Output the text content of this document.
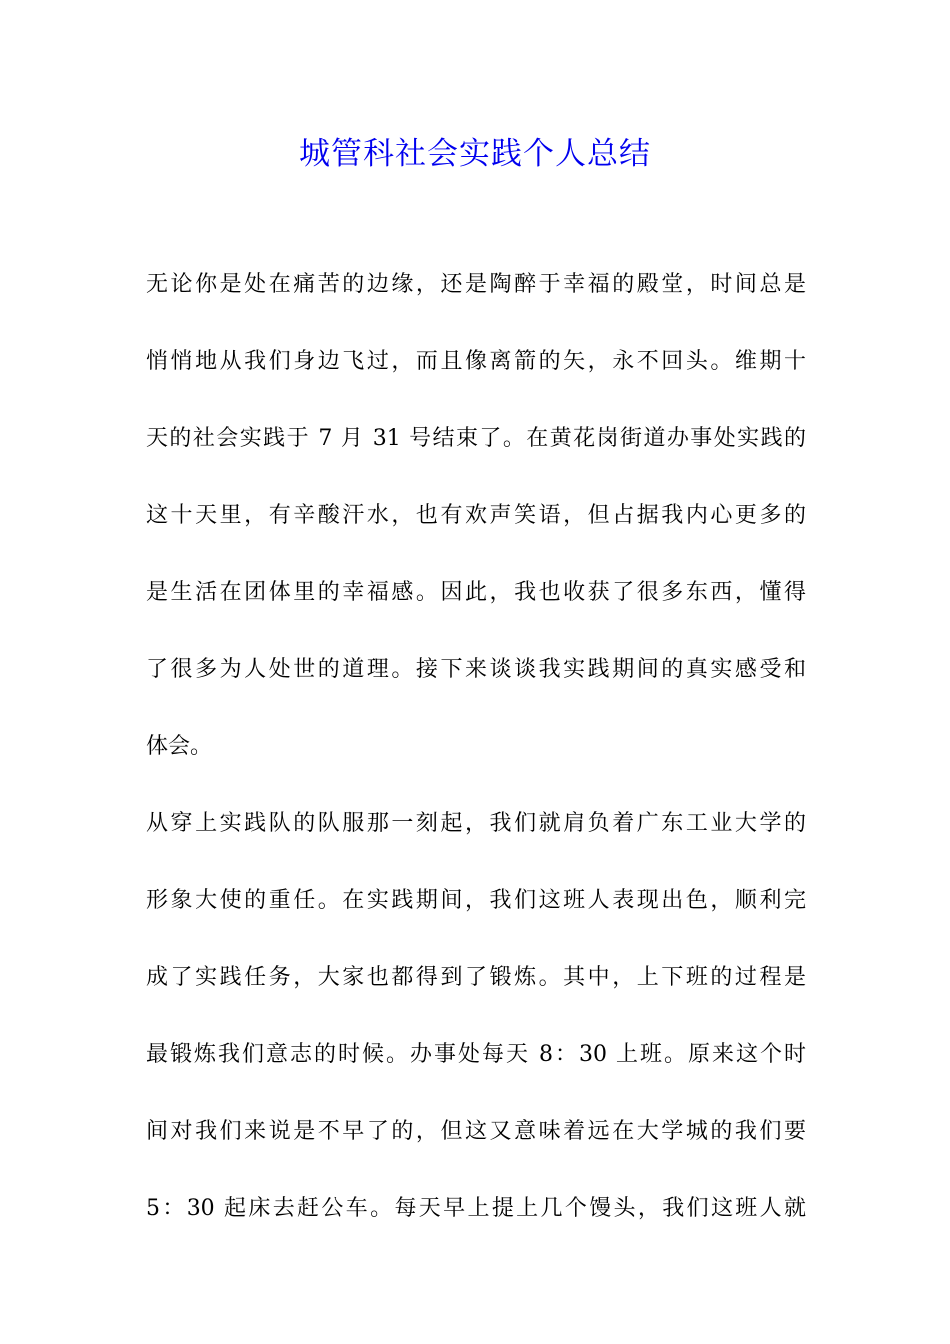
城管科社会实践个人总结
无论你是处在痛苦的边缘，还是陶醉于幸福的殿堂，时间总是
悄悄地从我们身边飞过，而且像离箭的矢，永不回头。维期十
天的社会实践于 7 月 31 号结束了。在黄花岗街道办事处实践的
这十天里，有辛酸汗水，也有欢声笑语，但占据我内心更多的
是生活在团体里的幸福感。因此，我也收获了很多东西，懂得
了很多为人处世的道理。接下来谈谈我实践期间的真实感受和
体会。
从穿上实践队的队服那一刻起，我们就肩负着广东工业大学的
形象大使的重任。在实践期间，我们这班人表现出色，顺利完
成了实践任务，大家也都得到了锻炼。其中，上下班的过程是
最锻炼我们意志的时候。办事处每天 8：30 上班。原来这个时
间对我们来说是不早了的，但这又意味着远在大学城的我们要
5：30 起床去赶公车。每天早上提上几个馒头，我们这班人就
